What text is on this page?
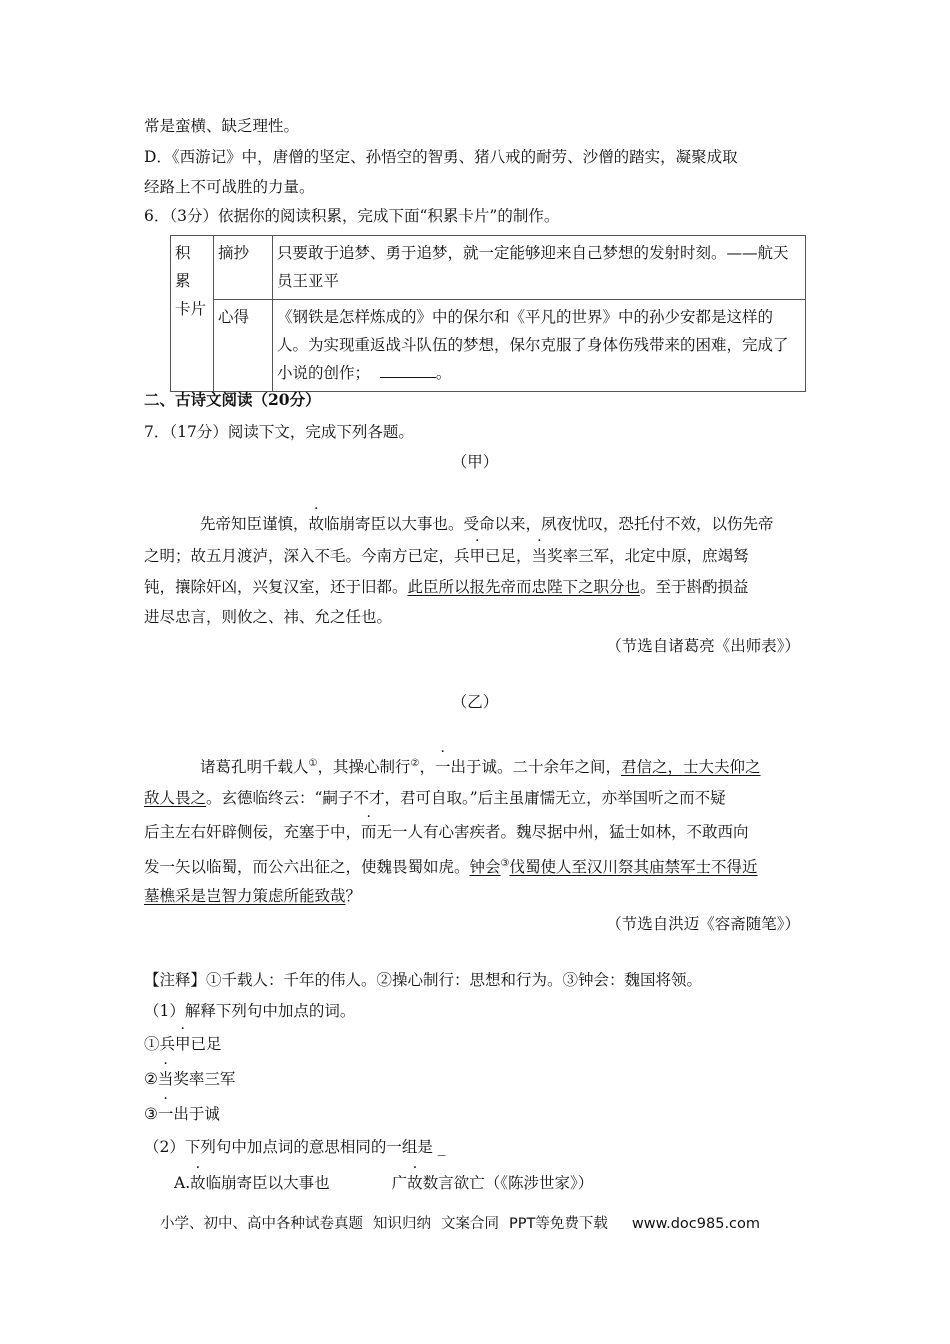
常是蛮横、缺乏理性。
D．《西游记》中，唐僧的坚定、孙悟空的智勇、猪八戒的耐劳、沙僧的踏实，凝聚成取
经路上不可战胜的力量。
6．（3分）依据你的阅读积累，完成下面“积累卡片”的制作。
积 累 卡片	摘抄	只要敢于追梦、勇于追梦，就一定能够迎来自己梦想的发射时刻。——航天员王亚平
	心得	《钢铁是怎样炼成的》中的保尔和《平凡的世界》中的孙少安都是这样的人。为实现重返战斗队伍的梦想，保尔克服了身体伤残带来的困难，完成了小说的创作； 。
二、古诗文阅读（20分）
7．（17分）阅读下文，完成下列各题。
（甲）
先帝知臣谨慎，故临崩寄臣以大事也。受命以来，夙夜忧叹，恐托付不效，以伤先帝
之明；故五月渡泸，深入不毛。今南方已定，兵甲已足，当奖率三军，北定中原，庶竭驽
钝，攘除奸凶，兴复汉室，还于旧都。此臣所以报先帝而忠陛下之职分也。至于斟酌损益
进尽忠言，则攸之、祎、允之任也。
（节选自诸葛亮《出师表》）
（乙）
诸葛孔明千载人①，其操心制行②，一出于诚。二十余年之间，君信之，士大夫仰之
敌人畏之。玄德临终云：“嗣子不才，君可自取。”后主虽庸懦无立，亦举国听之而不疑
后主左右奸辟侧佞，充塞于中，而无一人有心害疾者。魏尽据中州，猛士如林，不敢西向
发一矢以临蜀，而公六出征之，使魏畏蜀如虎。钟会③伐蜀使人至汉川祭其庙禁军士不得近
墓樵采是岂智力策虑所能致哉？
（节选自洪迈《容斋随笔》）
【注释】①千载人：千年的伟人。②操心制行：思想和行为。③钟会：魏国将领。
（1）解释下列句中加点的词。
①兵甲已足
②当奖率三军
③一出于诚
（2）下列句中加点词的意思相同的一组是 _
A.故临崩寄臣以大事也	广故数言欲亡（《陈涉世家》）
小学、初中、高中各种试卷真题 知识归纳 文案合同 PPT等免费下载 www.doc985.com
